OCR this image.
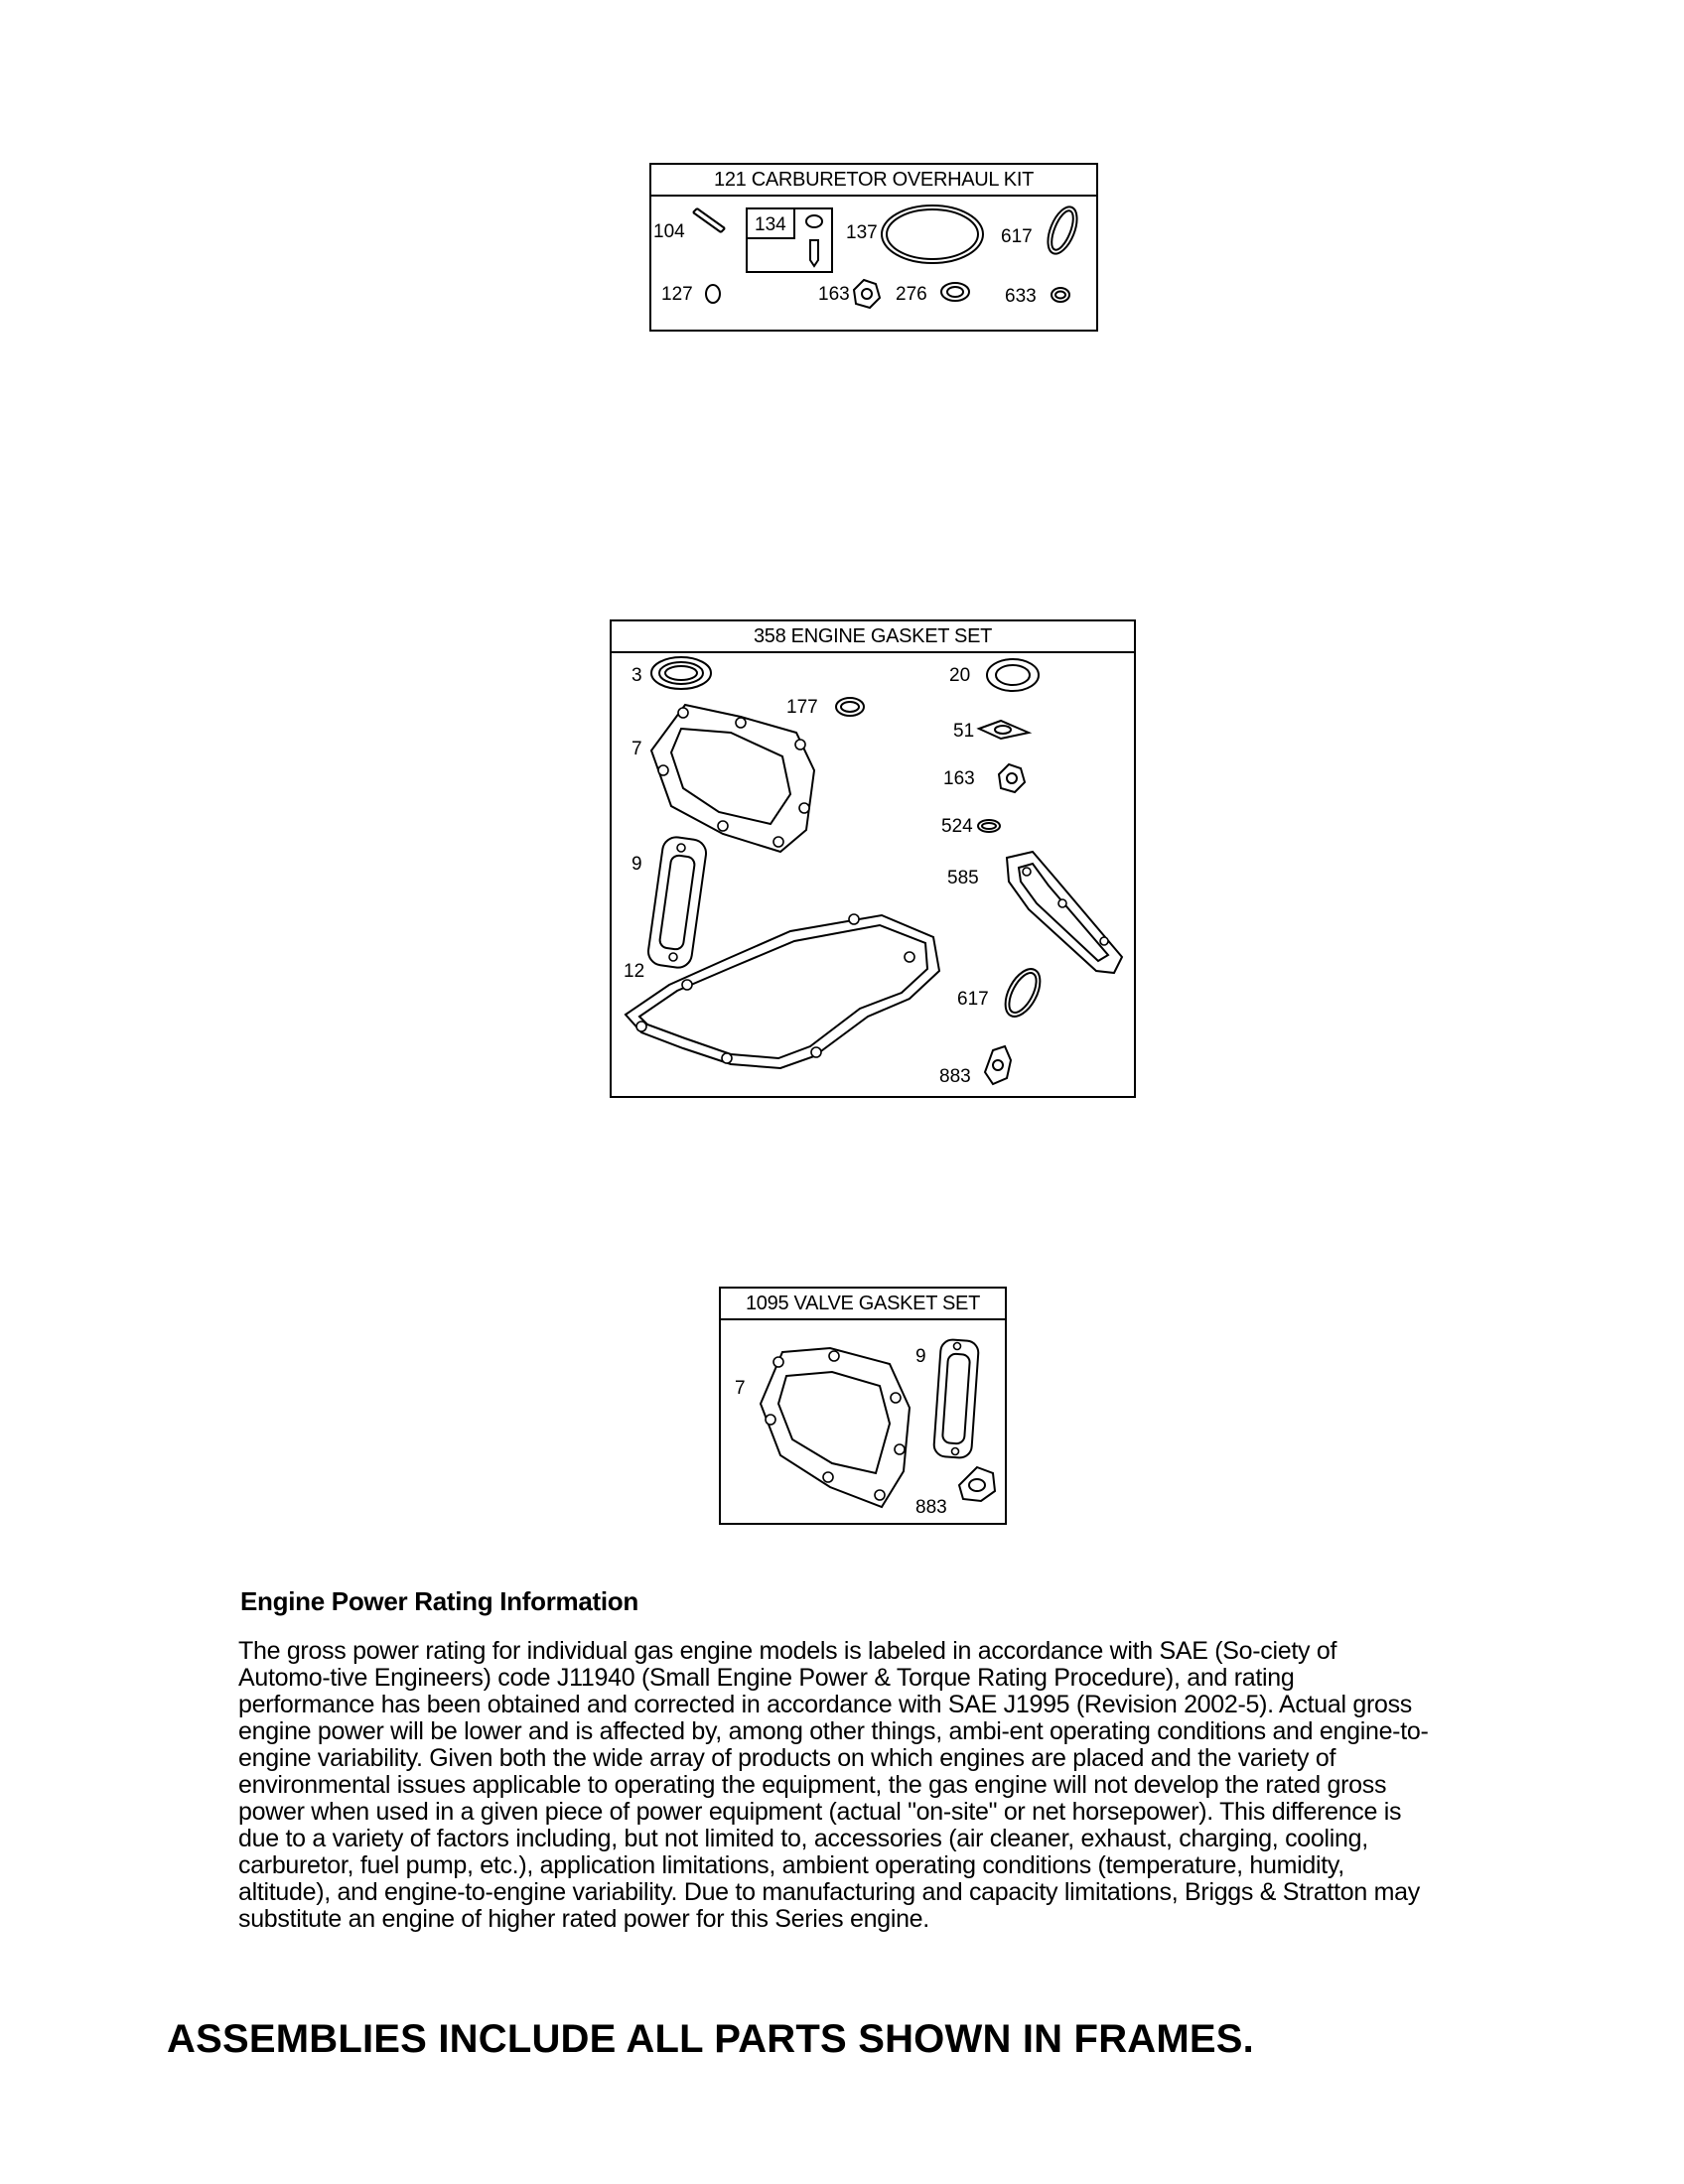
121 CARBURETOR OVERHAUL KIT
104	134	137	617
127	163 276	633
358 ENGINE GASKET SET
3
177
20
51
163
7
524
9
585
12
617
883
1095 VALVE GASKET SET
7
9
883
Engine Power Rating Information

The gross power rating for individual gas engine models is labeled in accordance with SAE (So-ciety of Automo-tive Engineers) code J11940 (Small Engine Power & Torque Rating Procedure), and rating performance has been obtained and corrected in accordance with SAE J1995 (Revision 2002-5). Actual gross engine power will be lower and is affected by, among other things, ambi-ent operating conditions and engine-to-engine variability. Given both the wide array of products on which engines are placed and the variety of environmental issues applicable to operating the equipment, the gas engine will not develop the rated gross power when used in a given piece of power equipment (actual "on-site" or net horsepower). This difference is due to a variety of factors including, but not limited to, accessories (air cleaner, exhaust, charging, cooling, carburetor, fuel pump, etc.), application limitations, ambient operating conditions (temperature, humidity, altitude), and engine-to-engine variability. Due to manufacturing and capacity limitations, Briggs & Stratton may substitute an engine of higher rated power for this Series engine.

ASSEMBLIES INCLUDE ALL PARTS SHOWN IN FRAMES.
